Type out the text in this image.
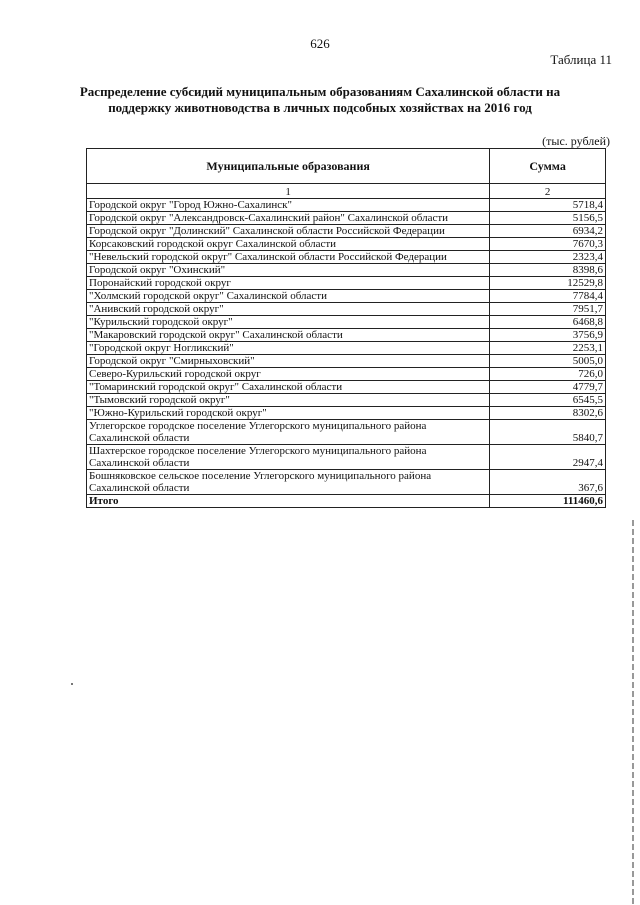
626
Таблица 11
Распределение субсидий муниципальным образованиям Сахалинской области на поддержку животноводства в личных подсобных хозяйствах на 2016 год
(тыс. рублей)
Муниципальные образования	Сумма
1	2
Городской округ "Город Южно-Сахалинск"	5718,4
Городской округ "Александровск-Сахалинский район" Сахалинской области	5156,5
Городской округ "Долинский" Сахалинской области Российской Федерации	6934,2
Корсаковский городской округ Сахалинской области	7670,3
"Невельский городской округ" Сахалинской области Российской Федерации	2323,4
Городской округ "Охинский"	8398,6
Поронайский городской округ	12529,8
"Холмский городской округ" Сахалинской области	7784,4
"Анивский городской округ"	7951,7
"Курильский городской округ"	6468,8
"Макаровский городской округ" Сахалинской области	3756,9
"Городской округ Ногликский"	2253,1
Городской округ "Смирныховский"	5005,0
Северо-Курильский городской округ	726,0
"Томаринский городской округ" Сахалинской области	4779,7
"Тымовский городской округ"	6545,5
"Южно-Курильский городской округ"	8302,6
Углегорское городское поселение Углегорского муниципального района Сахалинской области	5840,7
Шахтерское городское поселение Углегорского муниципального района Сахалинской области	2947,4
Бошняковское сельское поселение Углегорского муниципального района Сахалинской области	367,6
Итого	111460,6
